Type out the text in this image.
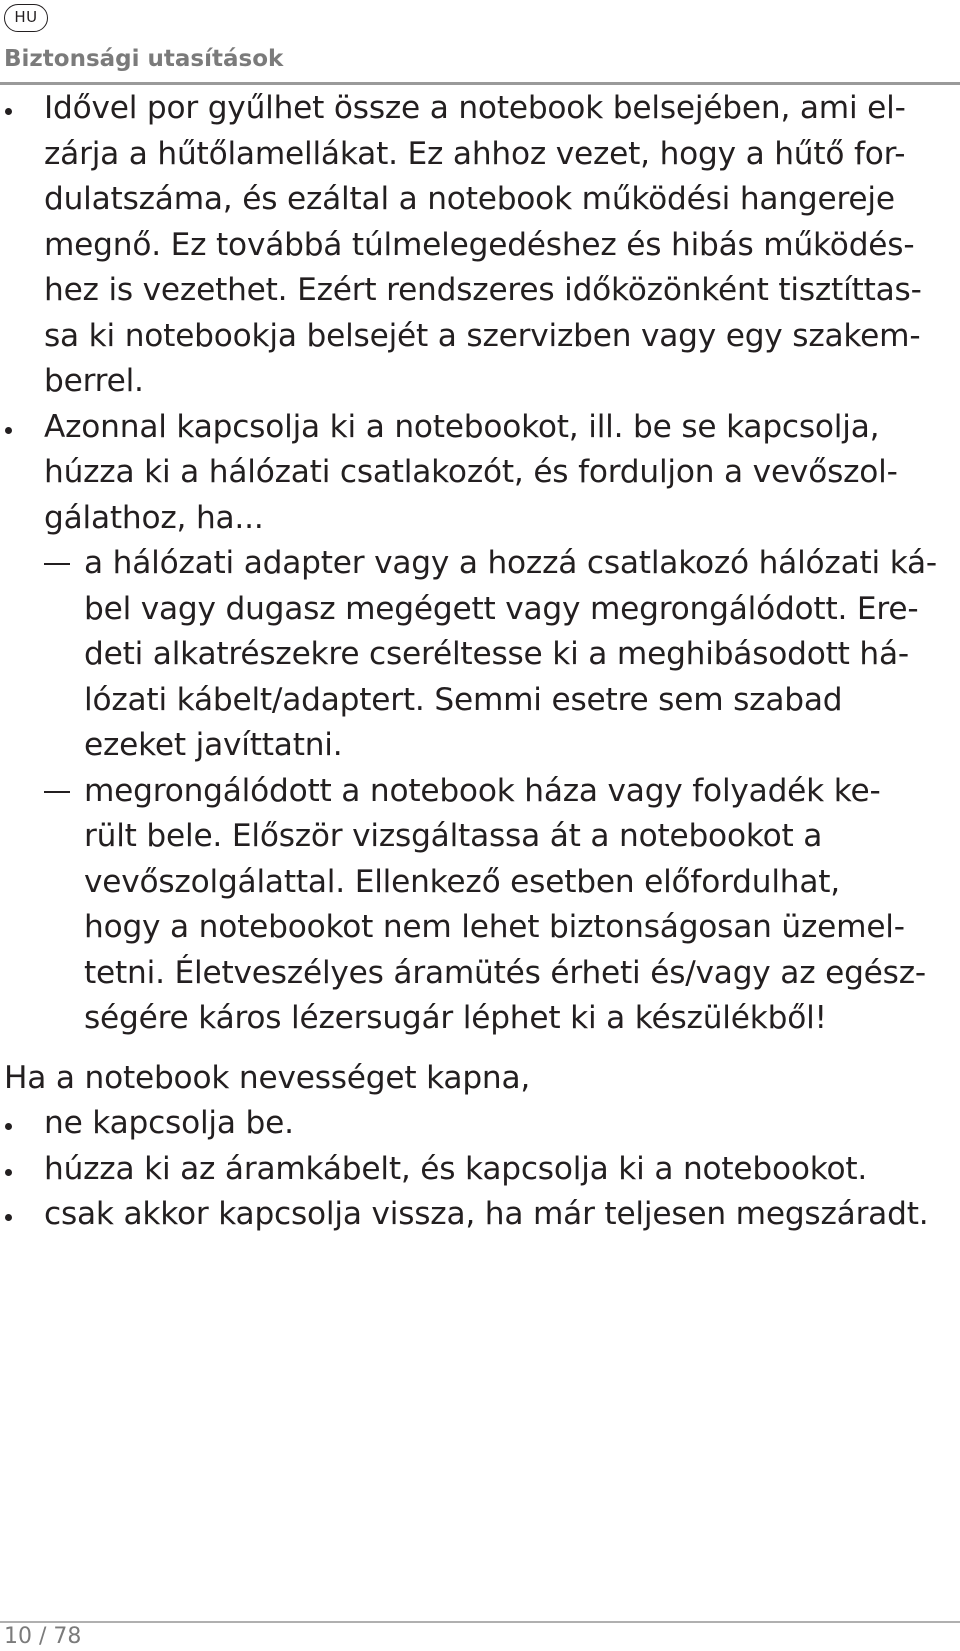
HU
Biztonsági utasítások
Idővel por gyűlhet össze a notebook belsejében, ami el-
zárja a hűtőlamellákat. Ez ahhoz vezet, hogy a hűtő for-
dulatszáma, és ezáltal a notebook működési hangereje
megnő. Ez továbbá túlmelegedéshez és hibás működés-
hez is vezethet. Ezért rendszeres időközönként tisztíttas-
sa ki notebookja belsejét a szervizben vagy egy szakem-
berrel.
Azonnal kapcsolja ki a notebookot, ill. be se kapcsolja,
húzza ki a hálózati csatlakozót, és forduljon a vevőszol-
gálathoz, ha...
a hálózati adapter vagy a hozzá csatlakozó hálózati ká-
bel vagy dugasz megégett vagy megrongálódott. Ere-
deti alkatrészekre cseréltesse ki a meghibásodott há-
lózati kábelt/adaptert. Semmi esetre sem szabad
ezeket javíttatni.
megrongálódott a notebook háza vagy folyadék ke-
rült bele. Először vizsgáltassa át a notebookot a
vevőszolgálattal. Ellenkező esetben előfordulhat,
hogy a notebookot nem lehet biztonságosan üzemel-
tetni. Életveszélyes áramütés érheti és/vagy az egész-
ségére káros lézersugár léphet ki a készülékből!
Ha a notebook nevességet kapna,
ne kapcsolja be.
húzza ki az áramkábelt, és kapcsolja ki a notebookot.
csak akkor kapcsolja vissza, ha már teljesen megszáradt.
10 / 78
